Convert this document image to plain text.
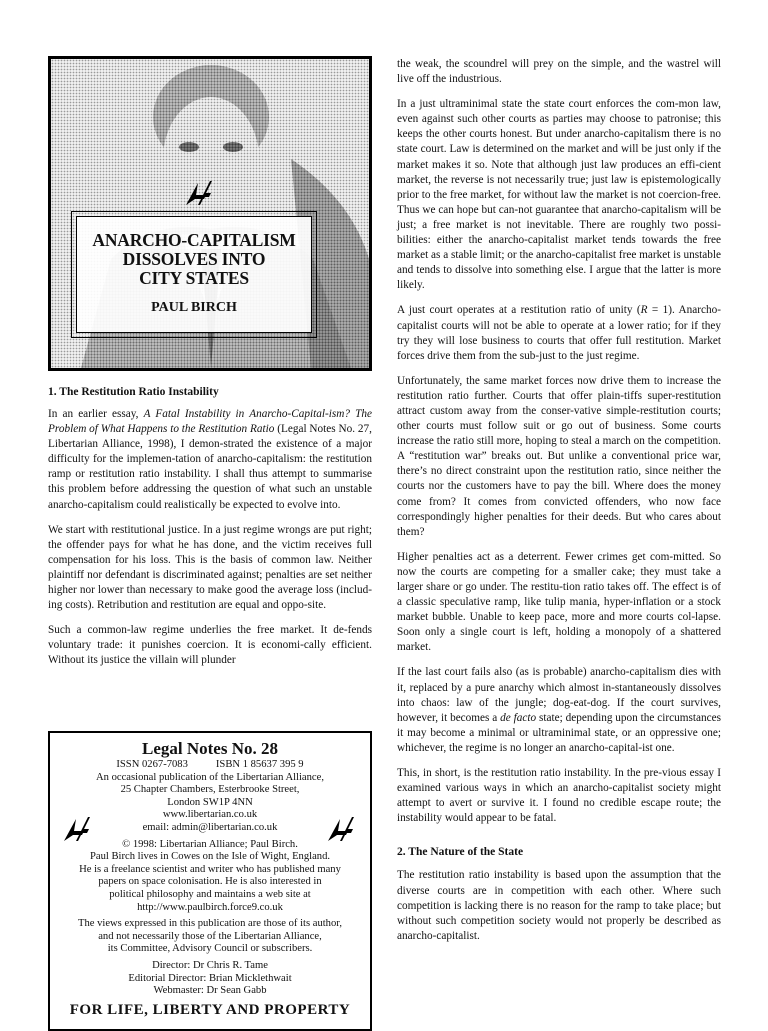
ANARCHO-CAPITALISM
DISSOLVES INTO
CITY STATES
PAUL BIRCH
1. The Restitution Ratio Instability

In an earlier essay, A Fatal Instability in Anarcho-Capital-ism? The Problem of What Happens to the Restitution Ratio (Legal Notes No. 27, Libertarian Alliance, 1998), I demon-strated the existence of a major difficulty for the implemen-tation of anarcho-capitalism: the restitution ramp or restitution ratio instability. I shall thus attempt to summarise this problem before addressing the question of what such an unstable anarcho-capitalism could realistically be expected to evolve into.

We start with restitutional justice. In a just regime wrongs are put right; the offender pays for what he has done, and the victim receives full compensation for his loss. This is the basis of common law. Neither plaintiff nor defendant is discriminated against; penalties are set neither higher nor lower than necessary to make good the average loss (includ-ing costs). Retribution and restitution are equal and oppo-site.

Such a common-law regime underlies the free market. It de-fends voluntary trade: it punishes coercion. It is economi-cally efficient. Without its justice the villain will plunder

Legal Notes No. 28
ISSN 0267-7083	ISBN 1 85637 395 9
An occasional publication of the Libertarian Alliance,
25 Chapter Chambers, Esterbrooke Street,
London SW1P 4NN
www.libertarian.co.uk
email: admin@libertarian.co.uk
© 1998: Libertarian Alliance; Paul Birch.
Paul Birch lives in Cowes on the Isle of Wight, England.
He is a freelance scientist and writer who has published many
papers on space colonisation. He is also interested in
political philosophy and maintains a web site at
http://www.paulbirch.force9.co.uk
The views expressed in this publication are those of its author,
and not necessarily those of the Libertarian Alliance,
its Committee, Advisory Council or subscribers.
Director: Dr Chris R. Tame
Editorial Director: Brian Micklethwait
Webmaster: Dr Sean Gabb
FOR LIFE, LIBERTY AND PROPERTY

the weak, the scoundrel will prey on the simple, and the wastrel will live off the industrious.

In a just ultraminimal state the state court enforces the com-mon law, even against such other courts as parties may choose to patronise; this keeps the other courts honest. But under anarcho-capitalism there is no state court. Law is determined on the market and will be just only if the market makes it so. Note that although just law produces an effi-cient market, the reverse is not necessarily true; just law is epistemologically prior to the free market, for without law the market is not coercion-free. Thus we can hope but can-not guarantee that anarcho-capitalism will be just; a free market is not inevitable. There are roughly two possi-bilities: either the anarcho-capitalist market tends towards the free market as a stable limit; or the anarcho-capitalist free market is unstable and tends to dissolve into something else. I argue that the latter is more likely.

A just court operates at a restitution ratio of unity (R = 1). Anarcho-capitalist courts will not be able to operate at a lower ratio; for if they try they will lose business to courts that offer full restitution. Market forces drive them from the sub-just to the just regime.

Unfortunately, the same market forces now drive them to increase the restitution ratio further. Courts that offer plain-tiffs super-restitution attract custom away from the conser-vative simple-restitution courts; other courts must follow suit or go out of business. Some courts increase the ratio still more, hoping to steal a march on the competition. A “restitution war” breaks out. But unlike a conventional price war, there’s no direct constraint upon the restitution ratio, since neither the courts nor the customers have to pay the bill. Where does the money come from? It comes from convicted offenders, who now face correspondingly higher penalties for their deeds. But who cares about them?

Higher penalties act as a deterrent. Fewer crimes get com-mitted. So now the courts are competing for a smaller cake; they must take a larger share or go under. The restitu-tion ratio takes off. The effect is of a classic speculative ramp, like tulip mania, hyper-inflation or a stock market bubble. Unable to keep pace, more and more courts col-lapse. Soon only a single court is left, holding a monopoly of a shattered market.

If the last court fails also (as is probable) anarcho-capitalism dies with it, replaced by a pure anarchy which almost in-stantaneously dissolves into chaos: law of the jungle; dog-eat-dog. If the court survives, however, it becomes a de facto state; depending upon the circumstances it may become a minimal or ultraminimal state, or an oppressive one; whichever, the regime is no longer an anarcho-capital-ist one.

This, in short, is the restitution ratio instability. In the pre-vious essay I examined various ways in which an anarcho-capitalist society might attempt to avert or survive it. I found no credible escape route; the instability would appear to be fatal.

2. The Nature of the State

The restitution ratio instability is based upon the assumption that the diverse courts are in competition with each other. Where such competition is lacking there is no reason for the ramp to take place; but without such competition society would not properly be described as anarcho-capitalist.
